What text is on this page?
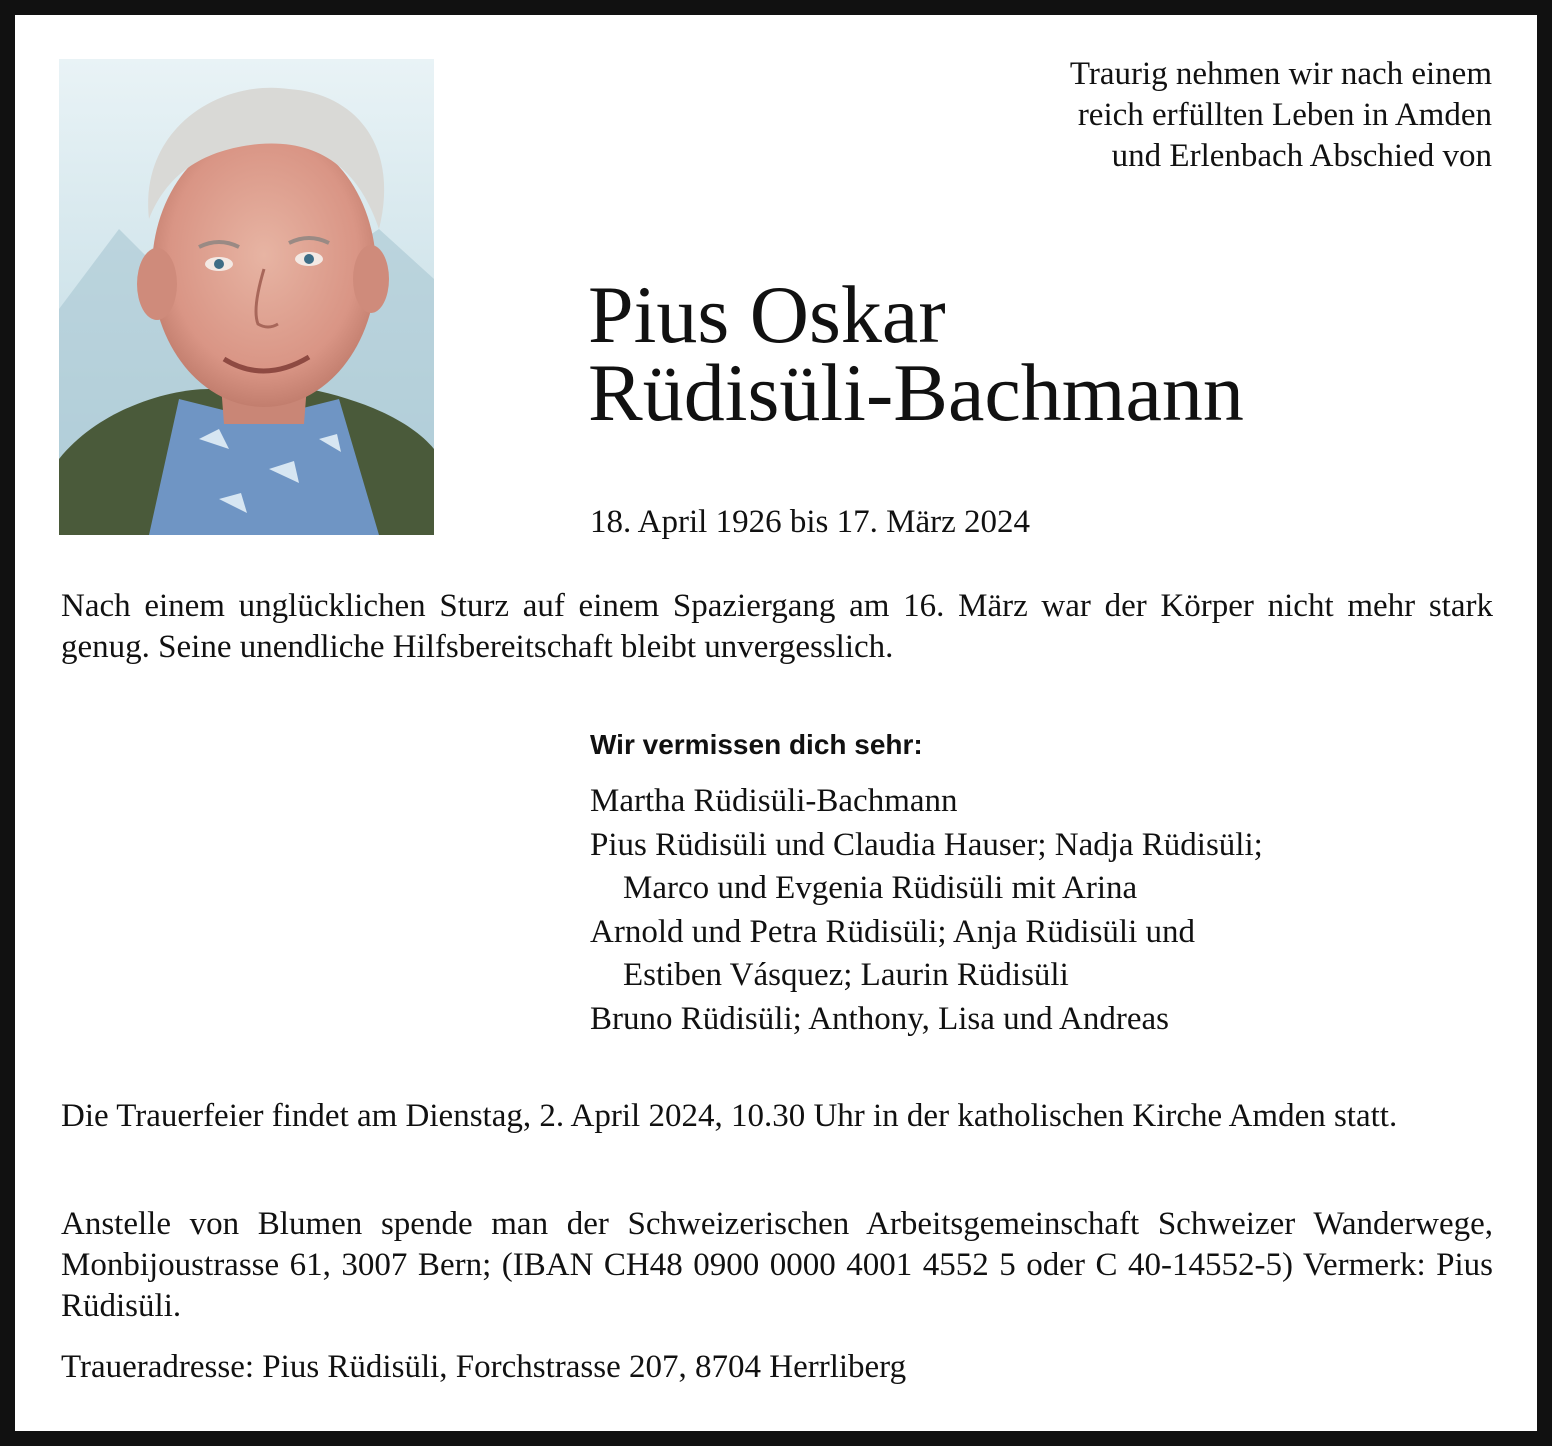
Traurig nehmen wir nach einem
reich erfüllten Leben in Amden
und Erlenbach Abschied von
Pius Oskar
Rüdisüli-Bachmann
18. April 1926 bis 17. März 2024

Nach einem unglücklichen Sturz auf einem Spaziergang am 16. März war der Körper nicht mehr stark genug. Seine unendliche Hilfsbereitschaft bleibt unvergesslich.

Wir vermissen dich sehr:
Martha Rüdisüli-Bachmann
Pius Rüdisüli und Claudia Hauser; Nadja Rüdisüli;
Marco und Evgenia Rüdisüli mit Arina
Arnold und Petra Rüdisüli; Anja Rüdisüli und
Estiben Vásquez; Laurin Rüdisüli
Bruno Rüdisüli; Anthony, Lisa und Andreas

Die Trauerfeier findet am Dienstag, 2. April 2024, 10.30 Uhr in der katholischen Kirche Amden statt.

Anstelle von Blumen spende man der Schweizerischen Arbeitsgemeinschaft Schweizer Wanderwege, Monbijoustrasse 61, 3007 Bern; (IBAN CH48 0900 0000 4001 4552 5 oder C 40-14552-5) Vermerk: Pius Rüdisüli.

Traueradresse: Pius Rüdisüli, Forchstrasse 207, 8704 Herrliberg
